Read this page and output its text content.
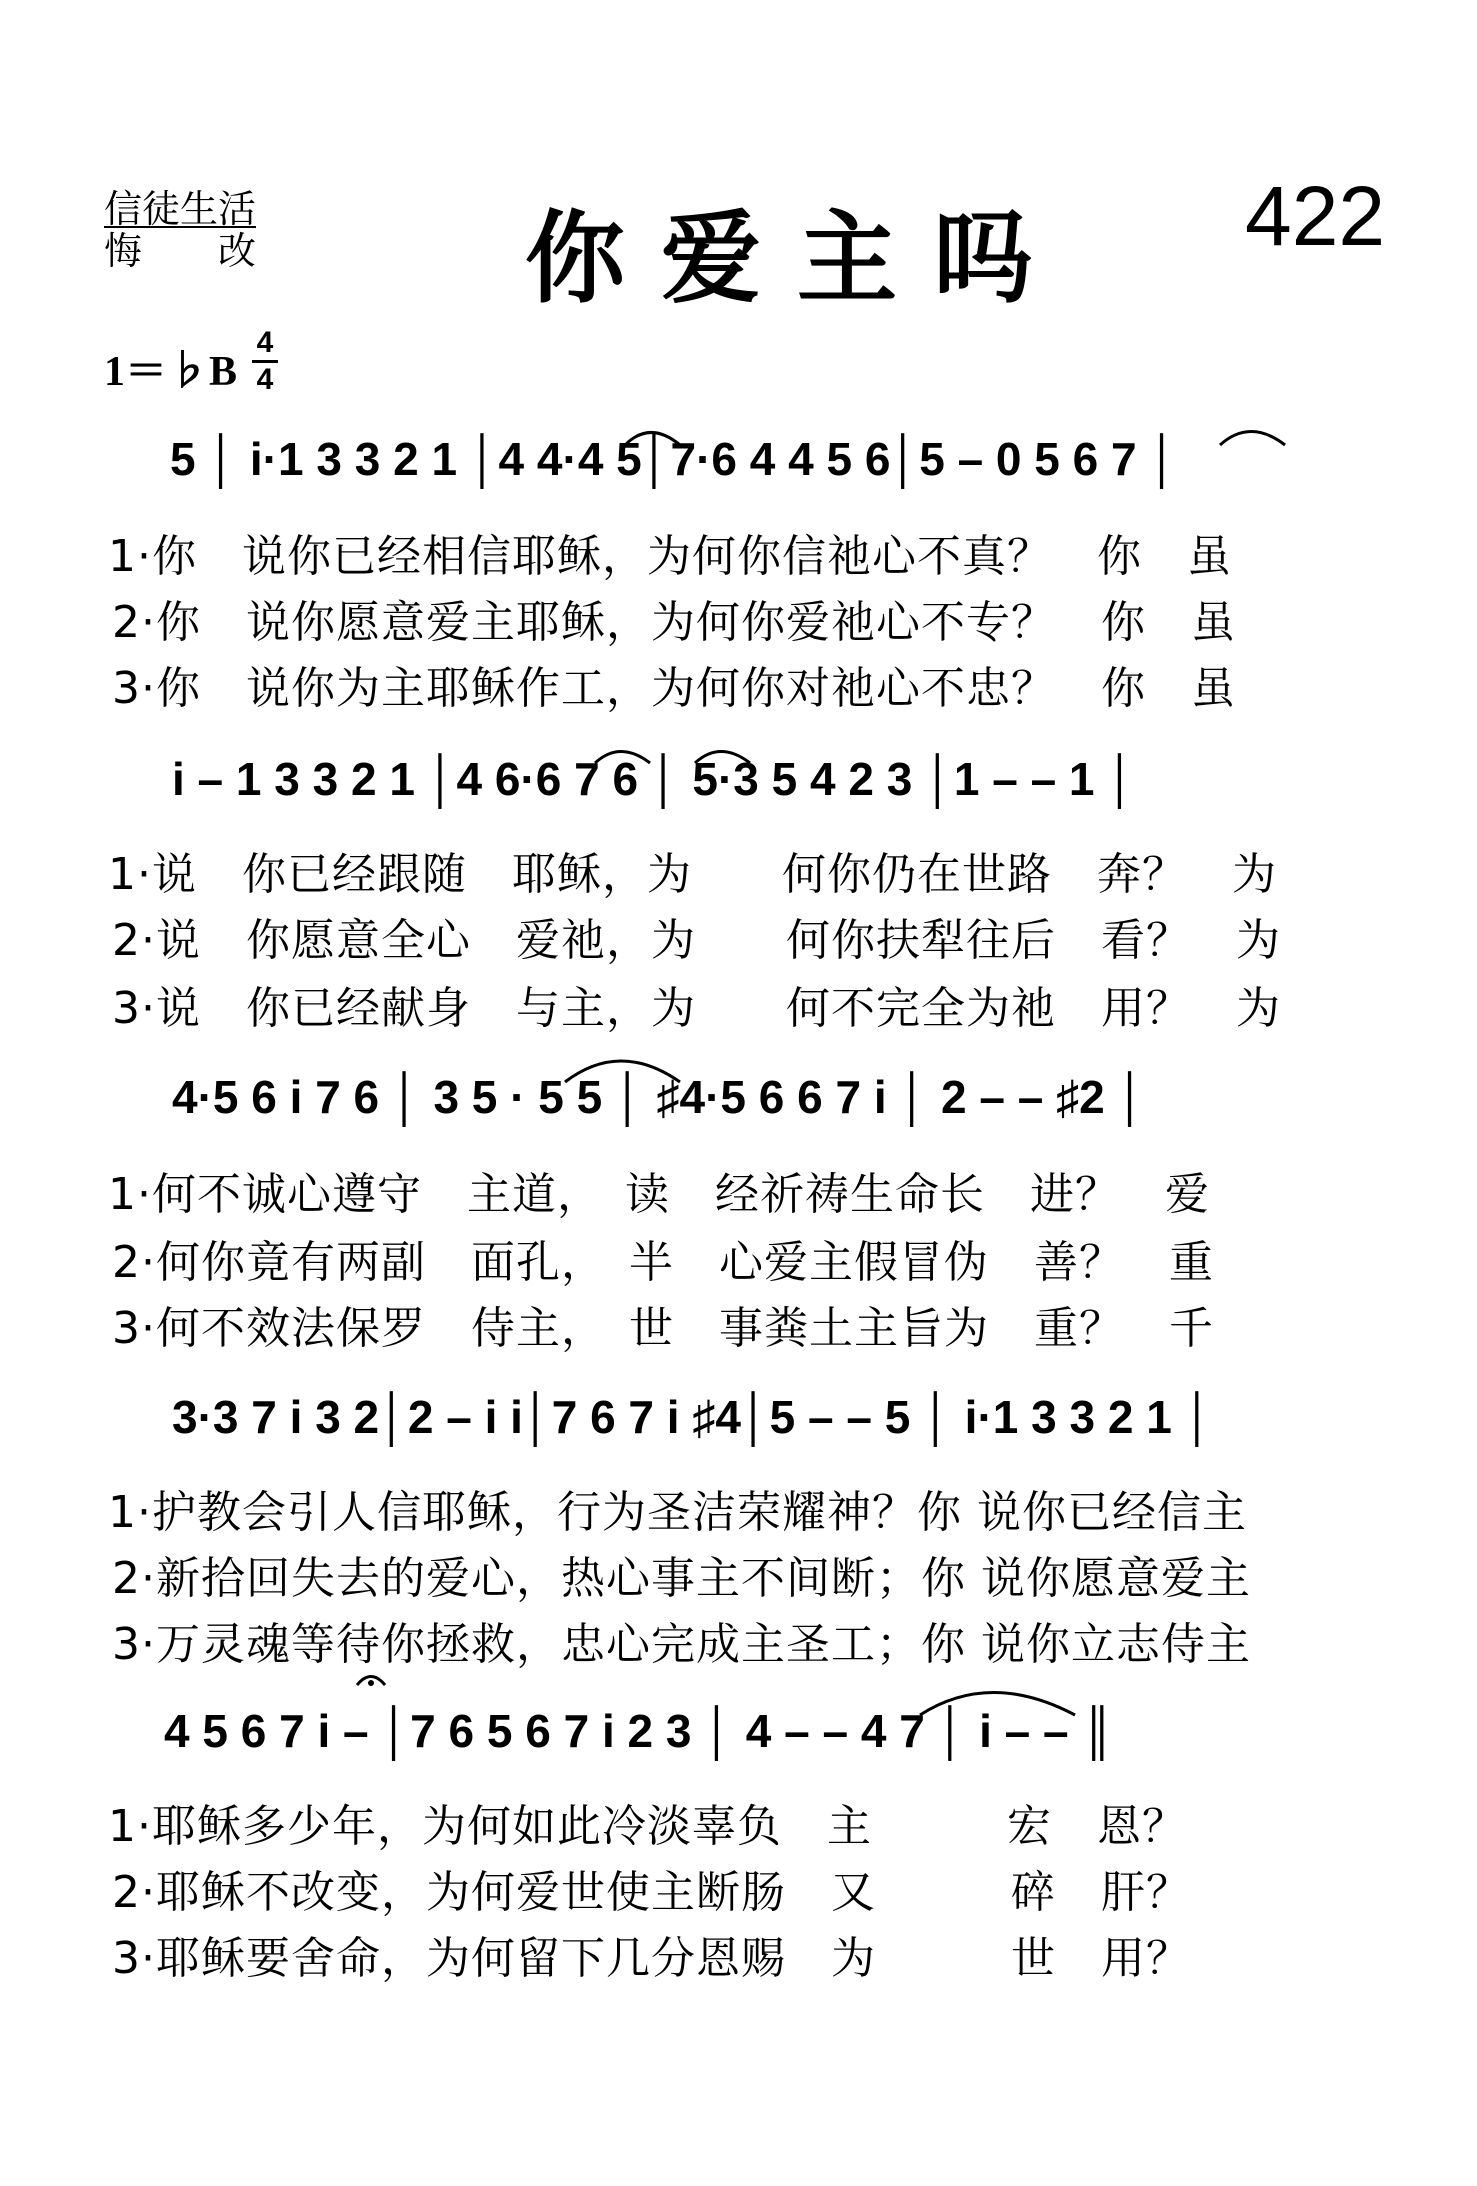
信徒生活
悔　　改	你爱主吗 422
1＝♭B
4
4
5 │ i·1 3 3 2 1 │4 4·4 5│7·6 4 4 5 6│5 – 0 5 6 7 │
1·你　说你已经相信耶稣，为何你信祂心不真？　你　虽
2·你　说你愿意爱主耶稣，为何你爱祂心不专？　你　虽
3·你　说你为主耶稣作工，为何你对祂心不忠？　你　虽
i – 1 3 3 2 1 │4 6·6 7 6 │ 5·3 5 4 2 3 │1 – – 1 │
1·说　你已经跟随　耶稣，为　　何你仍在世路　奔？　为
2·说　你愿意全心　爱祂，为　　何你扶犁往后　看？　为
3·说　你已经献身　与主，为　　何不完全为祂　用？　为
4·5 6 i 7 6 │ 3 5 · 5 5 │ ♯4·5 6 6 7 i │ 2 – – ♯2 │
1·何不诚心遵守　主道，　读　经祈祷生命长　进？　爱
2·何你竟有两副　面孔，　半　心爱主假冒伪　善？　重
3·何不效法保罗　侍主，　世　事粪土主旨为　重？　千
3·3 7 i 3 2│2 – i i│7 6 7 i ♯4│5 – – 5 │ i·1 3 3 2 1 │
1·护教会引人信耶稣，行为圣洁荣耀神？你 说你已经信主
2·新拾回失去的爱心，热心事主不间断；你 说你愿意爱主
3·万灵魂等待你拯救，忠心完成主圣工；你 说你立志侍主
4 5 6 7 i – │7 6 5 6 7 i 2 3 │ 4 – – 4 7 │ i – – ║
1·耶稣多少年，为何如此冷淡辜负　主　　　宏　恩？
2·耶稣不改变，为何爱世使主断肠　又　　　碎　肝？
3·耶稣要舍命，为何留下几分恩赐　为　　　世　用？
